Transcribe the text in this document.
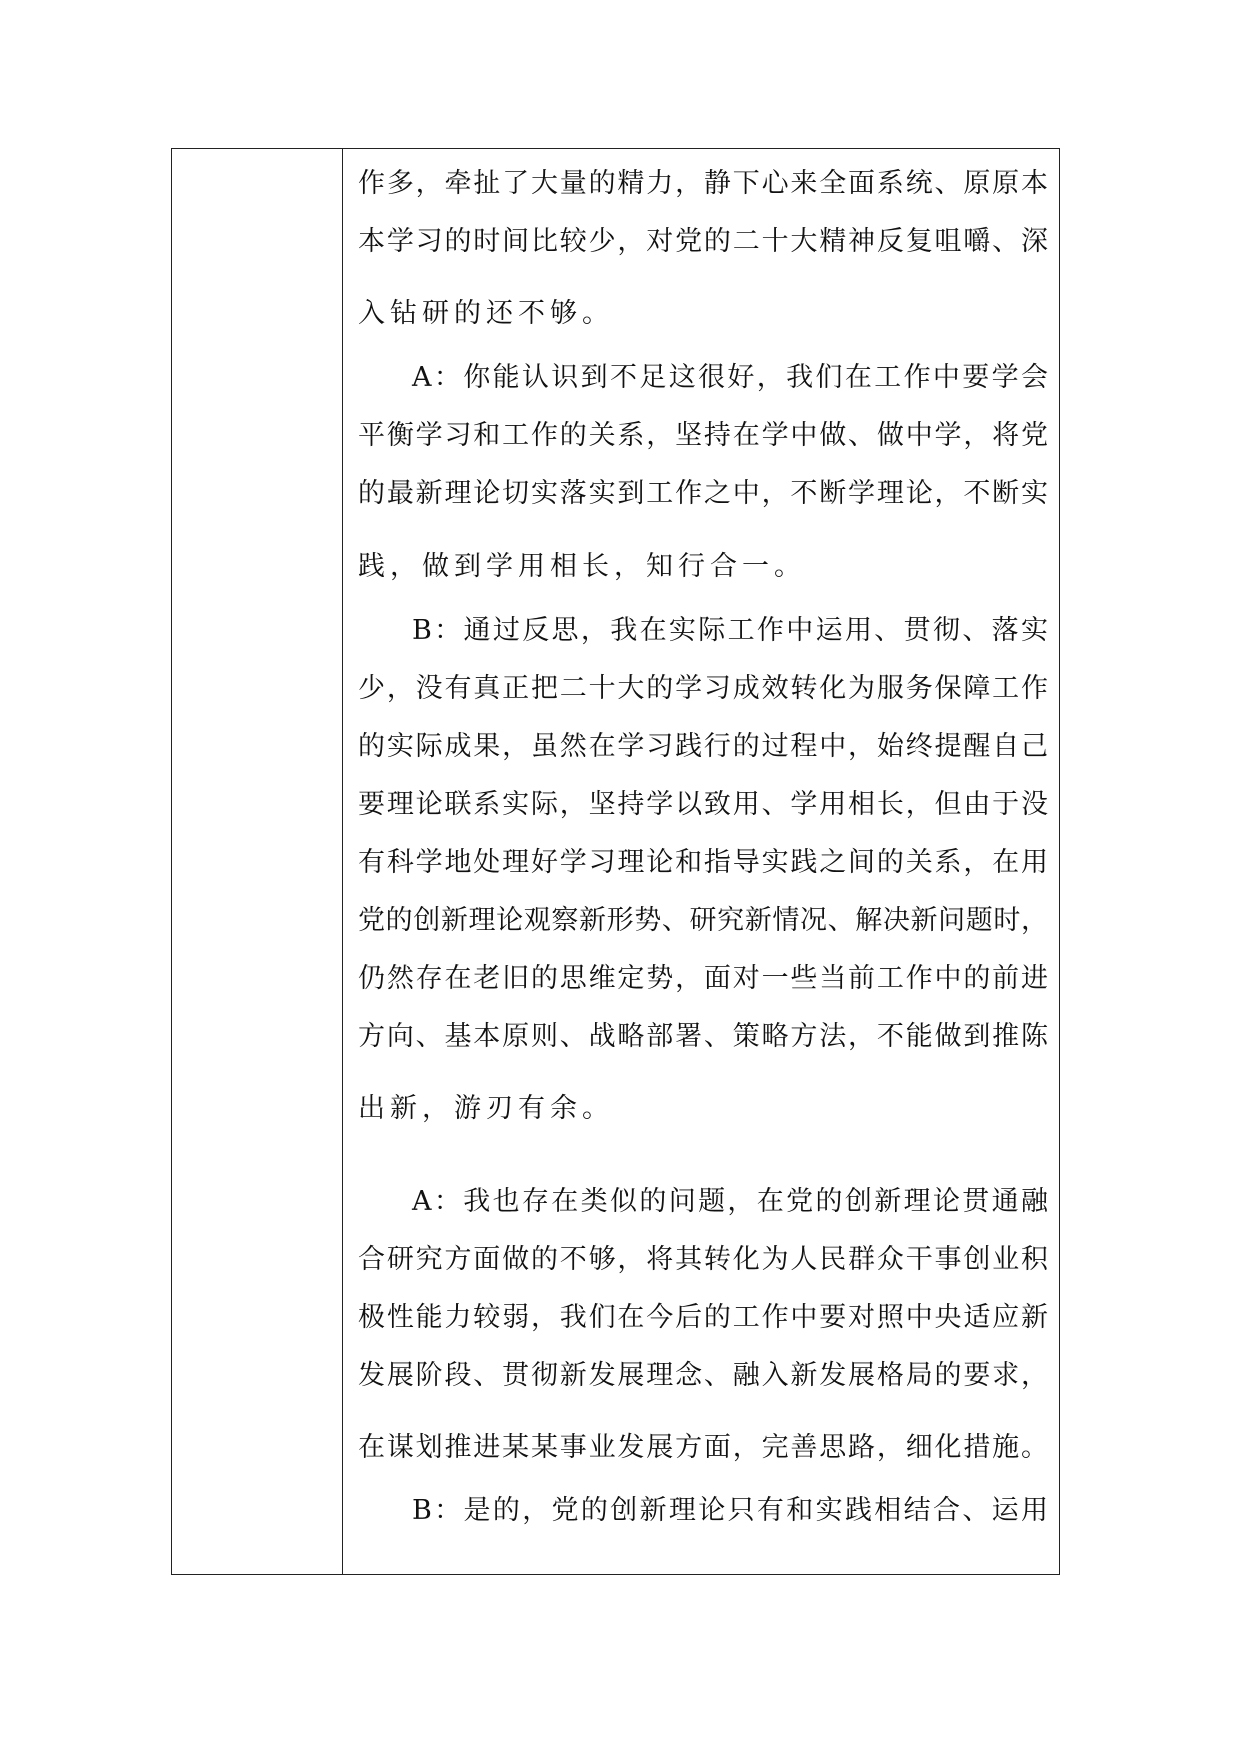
作多，牵扯了大量的精力，静下心来全面系统、原原本
本学习的时间比较少，对党的二十大精神反复咀嚼、深
入钻研的还不够。
A：你能认识到不足这很好，我们在工作中要学会
平衡学习和工作的关系，坚持在学中做、做中学，将党
的最新理论切实落实到工作之中，不断学理论，不断实
践，做到学用相长，知行合一。
B：通过反思，我在实际工作中运用、贯彻、落实
少，没有真正把二十大的学习成效转化为服务保障工作
的实际成果，虽然在学习践行的过程中，始终提醒自己
要理论联系实际，坚持学以致用、学用相长，但由于没
有科学地处理好学习理论和指导实践之间的关系，在用
党的创新理论观察新形势、研究新情况、解决新问题时，
仍然存在老旧的思维定势，面对一些当前工作中的前进
方向、基本原则、战略部署、策略方法，不能做到推陈
出新，游刃有余。
A：我也存在类似的问题，在党的创新理论贯通融
合研究方面做的不够，将其转化为人民群众干事创业积
极性能力较弱，我们在今后的工作中要对照中央适应新
发展阶段、贯彻新发展理念、融入新发展格局的要求，
在谋划推进某某事业发展方面，完善思路，细化措施。
B：是的，党的创新理论只有和实践相结合、运用
